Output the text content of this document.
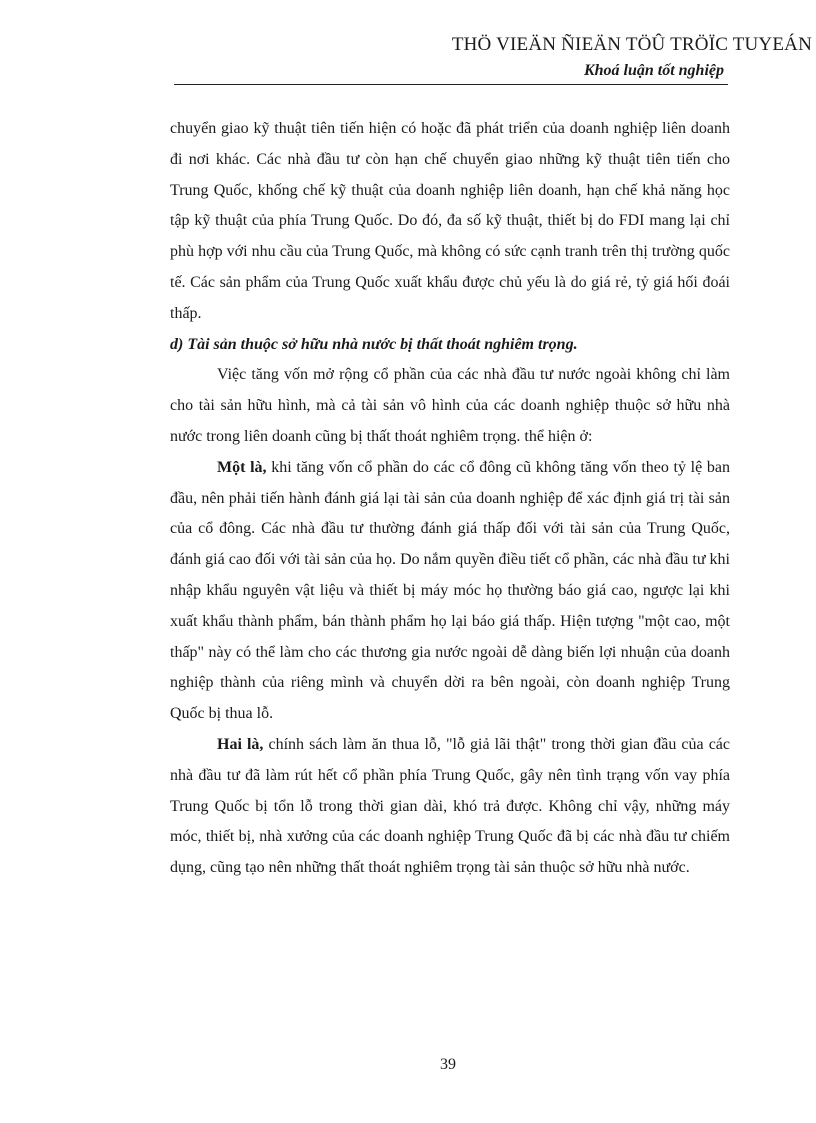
THÖ VIEÄN ÑIEÄN TÖÛ TRÖÏC TUYEÁN
Khoá luận tốt nghiệp

chuyển giao kỹ thuật tiên tiến hiện có hoặc đã phát triển của doanh nghiệp liên doanh đi nơi khác. Các nhà đầu tư còn hạn chế chuyển giao những kỹ thuật tiên tiến cho Trung Quốc, khống chế kỹ thuật của doanh nghiệp liên doanh, hạn chế khả năng học tập kỹ thuật của phía Trung Quốc. Do đó, đa số kỹ thuật, thiết bị do FDI mang lại chỉ phù hợp với nhu cầu của Trung Quốc, mà không có sức cạnh tranh trên thị trường quốc tế. Các sản phẩm của Trung Quốc xuất khẩu được chủ yếu là do giá rẻ, tỷ giá hối đoái thấp.

d) Tài sản thuộc sở hữu nhà nước bị thất thoát nghiêm trọng.

Việc tăng vốn mở rộng cổ phần của các nhà đầu tư nước ngoài không chỉ làm cho tài sản hữu hình, mà cả tài sản vô hình của các doanh nghiệp thuộc sở hữu nhà nước trong liên doanh cũng bị thất thoát nghiêm trọng. thể hiện ở:

Một là, khi tăng vốn cổ phần do các cổ đông cũ không tăng vốn theo tỷ lệ ban đầu, nên phải tiến hành đánh giá lại tài sản của doanh nghiệp để xác định giá trị tài sản của cổ đông. Các nhà đầu tư thường đánh giá thấp đối với tài sản của Trung Quốc, đánh giá cao đối với tài sản của họ. Do nắm quyền điều tiết cổ phần, các nhà đầu tư khi nhập khẩu nguyên vật liệu và thiết bị máy móc họ thường báo giá cao, ngược lại khi xuất khẩu thành phẩm, bán thành phẩm họ lại báo giá thấp. Hiện tượng "một cao, một thấp" này có thể làm cho các thương gia nước ngoài dễ dàng biến lợi nhuận của doanh nghiệp thành của riêng mình và chuyển dời ra bên ngoài, còn doanh nghiệp Trung Quốc bị thua lỗ.

Hai là, chính sách làm ăn thua lỗ, "lỗ giả lãi thật" trong thời gian đầu của các nhà đầu tư đã làm rút hết cổ phần phía Trung Quốc, gây nên tình trạng vốn vay phía Trung Quốc bị tổn lỗ trong thời gian dài, khó trả được. Không chỉ vậy, những máy móc, thiết bị, nhà xưởng của các doanh nghiệp Trung Quốc đã bị các nhà đầu tư chiếm dụng, cũng tạo nên những thất thoát nghiêm trọng tài sản thuộc sở hữu nhà nước.

39
